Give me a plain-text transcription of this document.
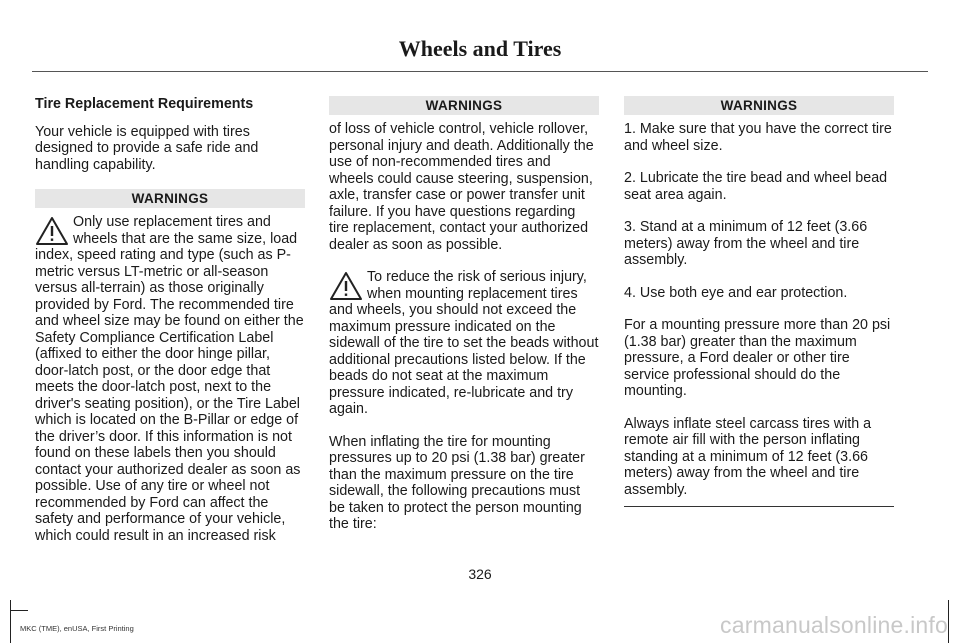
Wheels and Tires

Tire Replacement Requirements

Your vehicle is equipped with tires designed to provide a safe ride and handling capability.

WARNINGS
Only use replacement tires and wheels that are the same size, load index, speed rating and type (such as P-metric versus LT-metric or all-season versus all-terrain) as those originally provided by Ford. The recommended tire and wheel size may be found on either the Safety Compliance Certification Label (affixed to either the door hinge pillar, door-latch post, or the door edge that meets the door-latch post, next to the driver's seating position), or the Tire Label which is located on the B-Pillar or edge of the driver’s door. If this information is not found on these labels then you should contact your authorized dealer as soon as possible. Use of any tire or wheel not recommended by Ford can affect the safety and performance of your vehicle, which could result in an increased risk
WARNINGS

of loss of vehicle control, vehicle rollover, personal injury and death. Additionally the use of non-recommended tires and wheels could cause steering, suspension, axle, transfer case or power transfer unit failure. If you have questions regarding tire replacement, contact your authorized dealer as soon as possible.

To reduce the risk of serious injury, when mounting replacement tires and wheels, you should not exceed the maximum pressure indicated on the sidewall of the tire to set the beads without additional precautions listed below. If the beads do not seat at the maximum pressure indicated, re-lubricate and try again.

When inflating the tire for mounting pressures up to 20 psi (1.38 bar) greater than the maximum pressure on the tire sidewall, the following precautions must be taken to protect the person mounting the tire:

WARNINGS

1. Make sure that you have the correct tire and wheel size.

2. Lubricate the tire bead and wheel bead seat area again.

3. Stand at a minimum of 12 feet (3.66 meters) away from the wheel and tire assembly.

4. Use both eye and ear protection.

For a mounting pressure more than 20 psi (1.38 bar) greater than the maximum pressure, a Ford dealer or other tire service professional should do the mounting.

Always inflate steel carcass tires with a remote air fill with the person inflating standing at a minimum of 12 feet (3.66 meters) away from the wheel and tire assembly.

326
MKC (TME), enUSA, First Printing	carmanualsonline.info
